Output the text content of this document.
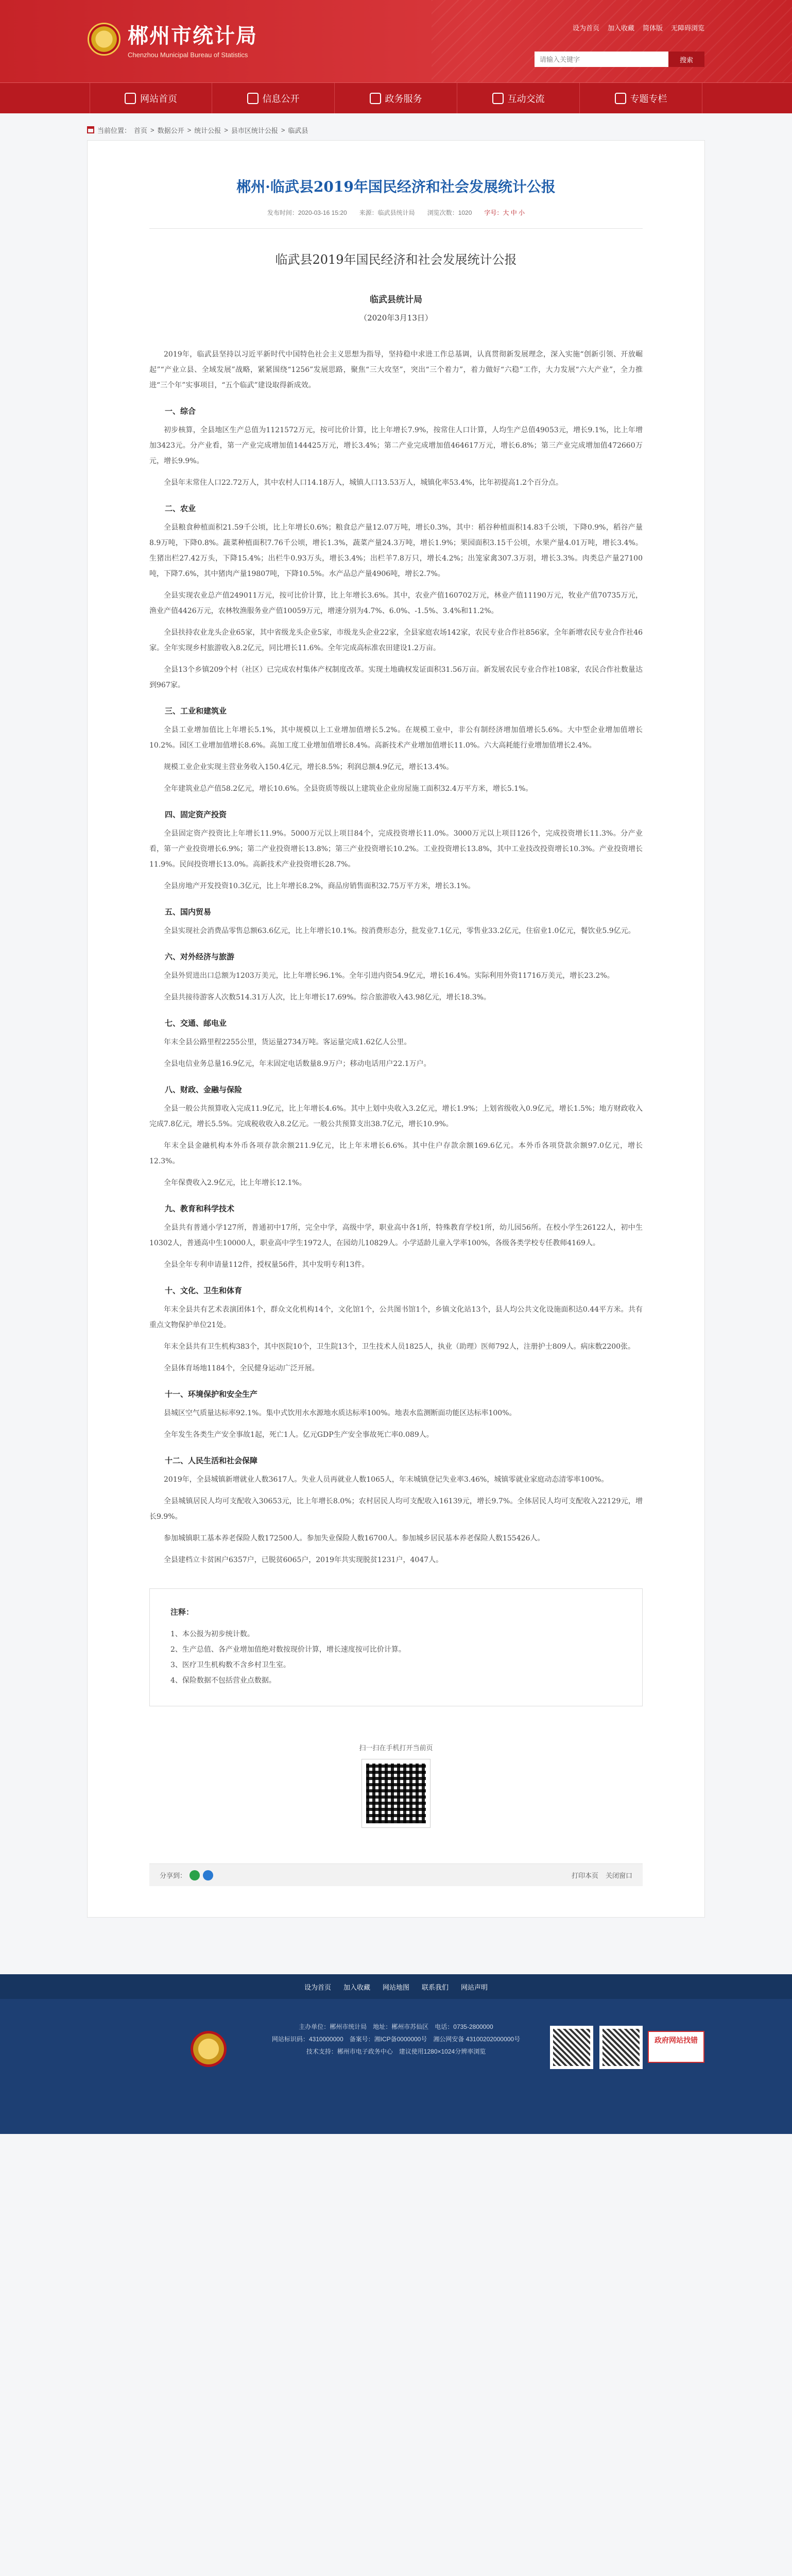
郴州市统计局
Chenzhou Municipal Bureau of Statistics
设为首页 加入收藏 简体版 无障碍浏览
请输入关键字
搜索
网站首页	信息公开	政务服务	互动交流	专题专栏
当前位置： 首页 > 数据公开 > 统计公报 > 县市区统计公报 > 临武县
郴州·临武县2019年国民经济和社会发展统计公报
发布时间：2020-03-16 15:20 来源：临武县统计局 浏览次数：1020 字号：大 中 小
临武县2019年国民经济和社会发展统计公报
临武县统计局
（2020年3月13日）

2019年，临武县坚持以习近平新时代中国特色社会主义思想为指导，坚持稳中求进工作总基调，认真贯彻新发展理念，深入实施“创新引领、开放崛起”“产业立县、全域发展”战略，紧紧围绕“1256”发展思路，聚焦“三大攻坚”，突出“三个着力”，着力做好“六稳”工作，大力发展“六大产业”，全力推进“三个年”实事项目，“五个临武”建设取得新成效。

一、综合

初步核算，全县地区生产总值为1121572万元，按可比价计算，比上年增长7.9%，按常住人口计算，人均生产总值49053元，增长9.1%，比上年增加3423元。分产业看，第一产业完成增加值144425万元，增长3.4%；第二产业完成增加值464617万元，增长6.8%；第三产业完成增加值472660万元，增长9.9%。

全县年末常住人口22.72万人，其中农村人口14.18万人，城镇人口13.53万人，城镇化率53.4%，比年初提高1.2个百分点。

二、农业

全县粮食种植面积21.59千公顷，比上年增长0.6%；粮食总产量12.07万吨，增长0.3%，其中：稻谷种植面积14.83千公顷，下降0.9%，稻谷产量8.9万吨，下降0.8%。蔬菜种植面积7.76千公顷，增长1.3%，蔬菜产量24.3万吨，增长1.9%；果园面积3.15千公顷，水果产量4.01万吨，增长3.4%。生猪出栏27.42万头，下降15.4%；出栏牛0.93万头，增长3.4%；出栏羊7.8万只，增长4.2%；出笼家禽307.3万羽，增长3.3%。肉类总产量27100吨，下降7.6%，其中猪肉产量19807吨，下降10.5%。水产品总产量4906吨，增长2.7%。

全县实现农业总产值249011万元，按可比价计算，比上年增长3.6%。其中，农业产值160702万元，林业产值11190万元，牧业产值70735万元，渔业产值4426万元，农林牧渔服务业产值10059万元，增速分别为4.7%、6.0%、-1.5%、3.4%和11.2%。

全县扶持农业龙头企业65家，其中省级龙头企业5家，市级龙头企业22家，全县家庭农场142家，农民专业合作社856家，全年新增农民专业合作社46家。全年实现乡村旅游收入8.2亿元，同比增长11.6%。全年完成高标准农田建设1.2万亩。

全县13个乡镇209个村（社区）已完成农村集体产权制度改革。实现土地确权发证面积31.56万亩。新发展农民专业合作社108家，农民合作社数量达到967家。

三、工业和建筑业

全县工业增加值比上年增长5.1%，其中规模以上工业增加值增长5.2%。在规模工业中，非公有制经济增加值增长5.6%。大中型企业增加值增长10.2%。园区工业增加值增长8.6%。高加工度工业增加值增长8.4%。高新技术产业增加值增长11.0%。六大高耗能行业增加值增长2.4%。

规模工业企业实现主营业务收入150.4亿元，增长8.5%；利润总额4.9亿元，增长13.4%。

全年建筑业总产值58.2亿元，增长10.6%。全县资质等级以上建筑业企业房屋施工面积32.4万平方米，增长5.1%。

四、固定资产投资

全县固定资产投资比上年增长11.9%。5000万元以上项目84个，完成投资增长11.0%。3000万元以上项目126个，完成投资增长11.3%。分产业看，第一产业投资增长6.9%；第二产业投资增长13.8%；第三产业投资增长10.2%。工业投资增长13.8%，其中工业技改投资增长10.3%。产业投资增长11.9%。民间投资增长13.0%。高新技术产业投资增长28.7%。

全县房地产开发投资10.3亿元，比上年增长8.2%，商品房销售面积32.75万平方米，增长3.1%。

五、国内贸易

全县实现社会消费品零售总额63.6亿元，比上年增长10.1%。按消费形态分，批发业7.1亿元，零售业33.2亿元，住宿业1.0亿元，餐饮业5.9亿元。

六、对外经济与旅游

全县外贸进出口总额为1203万美元，比上年增长96.1%。全年引进内资54.9亿元，增长16.4%。实际利用外资11716万美元，增长23.2%。

全县共接待游客人次数514.31万人次，比上年增长17.69%。综合旅游收入43.98亿元，增长18.3%。

七、交通、邮电业

年末全县公路里程2255公里，货运量2734万吨。客运量完成1.62亿人公里。

全县电信业务总量16.9亿元，年末固定电话数量8.9万户；移动电话用户22.1万户。

八、财政、金融与保险

全县一般公共预算收入完成11.9亿元，比上年增长4.6%。其中上划中央收入3.2亿元，增长1.9%；上划省级收入0.9亿元，增长1.5%；地方财政收入完成7.8亿元，增长5.5%。完成税收收入8.2亿元。一般公共预算支出38.7亿元，增长10.9%。

年末全县金融机构本外币各项存款余额211.9亿元，比上年末增长6.6%。其中住户存款余额169.6亿元。本外币各项贷款余额97.0亿元，增长12.3%。

全年保费收入2.9亿元，比上年增长12.1%。

九、教育和科学技术

全县共有普通小学127所，普通初中17所，完全中学，高级中学，职业高中各1所，特殊教育学校1所，幼儿园56所。在校小学生26122人，初中生10302人，普通高中生10000人，职业高中学生1972人，在园幼儿10829人。小学适龄儿童入学率100%，各级各类学校专任教师4169人。

全县全年专利申请量112件，授权量56件，其中发明专利13件。

十、文化、卫生和体育

年末全县共有艺术表演团体1个，群众文化机构14个，文化馆1个，公共图书馆1个，乡镇文化站13个，县人均公共文化设施面积达0.44平方米。共有重点文物保护单位21处。

年末全县共有卫生机构383个，其中医院10个，卫生院13个，卫生技术人员1825人，执业（助理）医师792人，注册护士809人。病床数2200张。

全县体育场地1184个，全民健身运动广泛开展。

十一、环境保护和安全生产

县城区空气质量达标率92.1%。集中式饮用水水源地水质达标率100%。地表水监测断面功能区达标率100%。

全年发生各类生产安全事故1起，死亡1人。亿元GDP生产安全事故死亡率0.089人。

十二、人民生活和社会保障

2019年，全县城镇新增就业人数3617人。失业人员再就业人数1065人，年末城镇登记失业率3.46%，城镇零就业家庭动态清零率100%。

全县城镇居民人均可支配收入30653元，比上年增长8.0%；农村居民人均可支配收入16139元，增长9.7%。全体居民人均可支配收入22129元，增长9.9%。

参加城镇职工基本养老保险人数172500人。参加失业保险人数16700人。参加城乡居民基本养老保险人数155426人。

全县建档立卡贫困户6357户，已脱贫6065户，2019年共实现脱贫1231户，4047人。

注释：

1、本公报为初步统计数。

2、生产总值、各产业增加值绝对数按现价计算，增长速度按可比价计算。

3、医疗卫生机构数不含乡村卫生室。

4、保险数据不包括营业点数据。

扫一扫在手机打开当前页
分享到：	打印本页 关闭窗口
设为首页 加入收藏 网站地图 联系我们 网站声明
主办单位：郴州市统计局　地址：郴州市苏仙区　电话：0735-2800000
网站标识码：4310000000　备案号：湘ICP备0000000号　湘公网安备 43100202000000号
技术支持：郴州市电子政务中心　建议使用1280×1024分辨率浏览
政府网站找错
